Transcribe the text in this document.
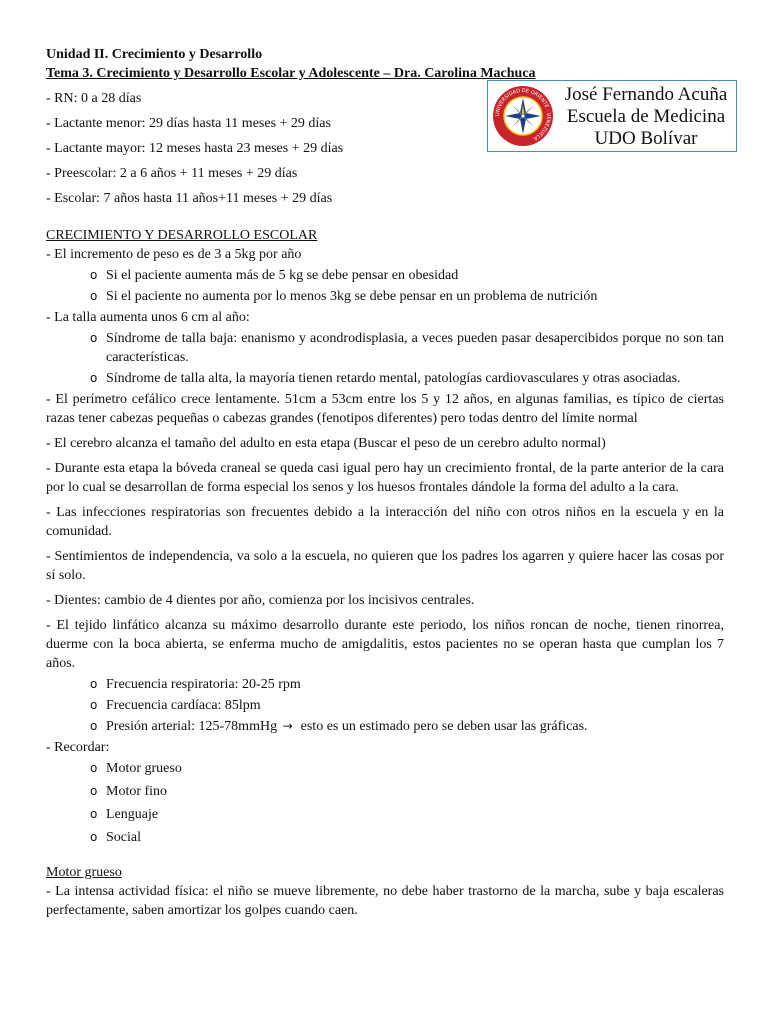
UNIVERSIDAD DE ORIENTE · VENEZUELA
José Fernando Acuña
Escuela de Medicina
UDO Bolívar
Unidad II. Crecimiento y Desarrollo
Tema 3. Crecimiento y Desarrollo Escolar y Adolescente – Dra. Carolina Machuca
- RN: 0 a 28 días
- Lactante menor: 29 días hasta 11 meses + 29 días
- Lactante mayor: 12 meses hasta 23 meses + 29 días
- Preescolar: 2 a 6 años + 11 meses + 29 días
- Escolar: 7 años hasta 11 años+11 meses + 29 días
CRECIMIENTO Y DESARROLLO ESCOLAR

- El incremento de peso es de 3 a 5kg por año

o Si el paciente aumenta más de 5 kg se debe pensar en obesidad
o Si el paciente no aumenta por lo menos 3kg se debe pensar en un problema de nutrición

- La talla aumenta unos 6 cm al año:

o Síndrome de talla baja: enanismo y acondrodisplasia, a veces pueden pasar desapercibidos porque no son tan características.
o Síndrome de talla alta, la mayoría tienen retardo mental, patologías cardiovasculares y otras asociadas.

- El perímetro cefálico crece lentamente. 51cm a 53cm entre los 5 y 12 años, en algunas familias, es típico de ciertas razas tener cabezas pequeñas o cabezas grandes (fenotipos diferentes) pero todas dentro del límite normal

- El cerebro alcanza el tamaño del adulto en esta etapa (Buscar el peso de un cerebro adulto normal)

- Durante esta etapa la bóveda craneal se queda casi igual pero hay un crecimiento frontal, de la parte anterior de la cara por lo cual se desarrollan de forma especial los senos y los huesos frontales dándole la forma del adulto a la cara.

- Las infecciones respiratorias son frecuentes debido a la interacción del niño con otros niños en la escuela y en la comunidad.

- Sentimientos de independencia, va solo a la escuela, no quieren que los padres los agarren y quiere hacer las cosas por sí solo.

- Dientes: cambio de 4 dientes por año, comienza por los incisivos centrales.

- El tejido linfático alcanza su máximo desarrollo durante este periodo, los niños roncan de noche, tienen rinorrea, duerme con la boca abierta, se enferma mucho de amigdalitis, estos pacientes no se operan hasta que cumplan los 7 años.

o Frecuencia respiratoria: 20-25 rpm
o Frecuencia cardíaca: 85lpm
o Presión arterial: 125-78mmHg → esto es un estimado pero se deben usar las gráficas.

- Recordar:

o Motor grueso
o Motor fino
o Lenguaje
o Social
Motor grueso

- La intensa actividad física: el niño se mueve libremente, no debe haber trastorno de la marcha, sube y baja escaleras perfectamente, saben amortizar los golpes cuando caen.
